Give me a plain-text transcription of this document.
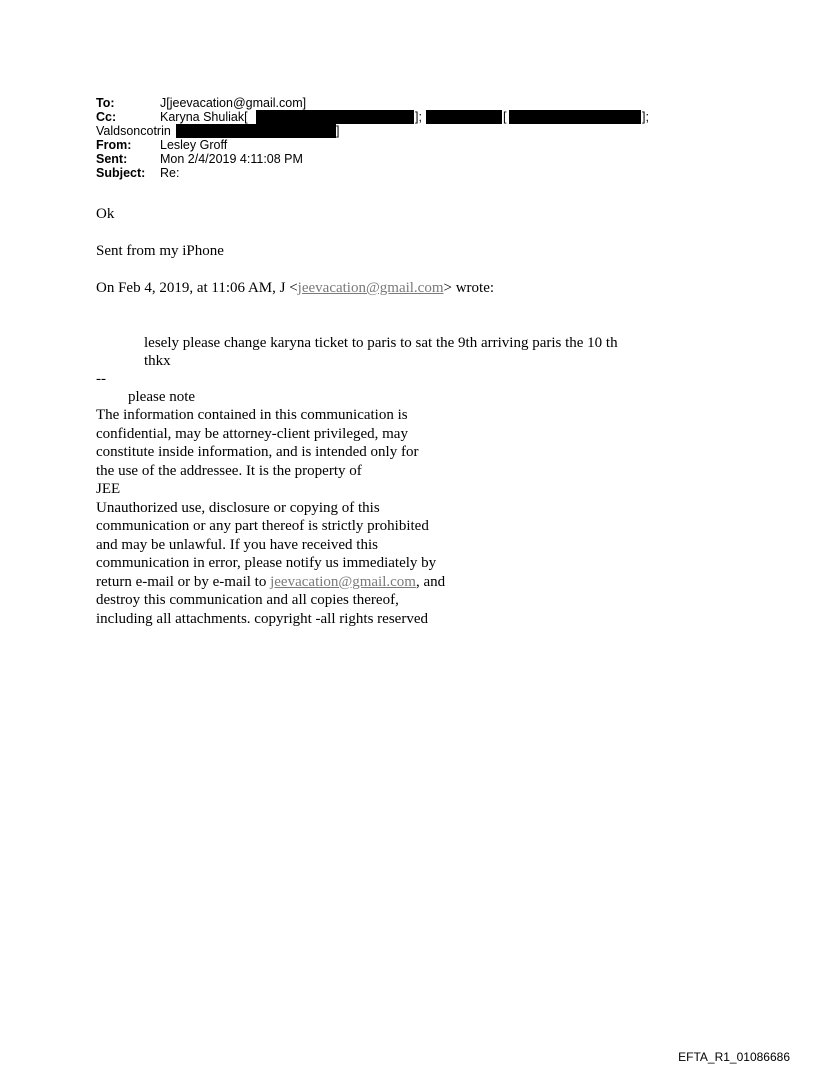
To:	J[jeevacation@gmail.com]
Cc:	Karyna Shuliak[	];	[	];
Valdsoncotrin	]
From: Lesley Groff
Sent:	Mon 2/4/2019 4:11:08 PM
Subject: Re:
Ok
Sent from my iPhone
On Feb 4, 2019, at 11:06 AM, J <jeevacation@gmail.com> wrote:
lesely please change karyna ticket to paris to sat the 9th arriving paris the 10 th
thkx
--
please note
The information contained in this communication is
confidential, may be attorney-client privileged, may
constitute inside information, and is intended only for
the use of the addressee. It is the property of
JEE
Unauthorized use, disclosure or copying of this
communication or any part thereof is strictly prohibited
and may be unlawful. If you have received this
communication in error, please notify us immediately by
return e-mail or by e-mail to jeevacation@gmail.com, and
destroy this communication and all copies thereof,
including all attachments. copyright -all rights reserved
EFTA_R1_01086686
